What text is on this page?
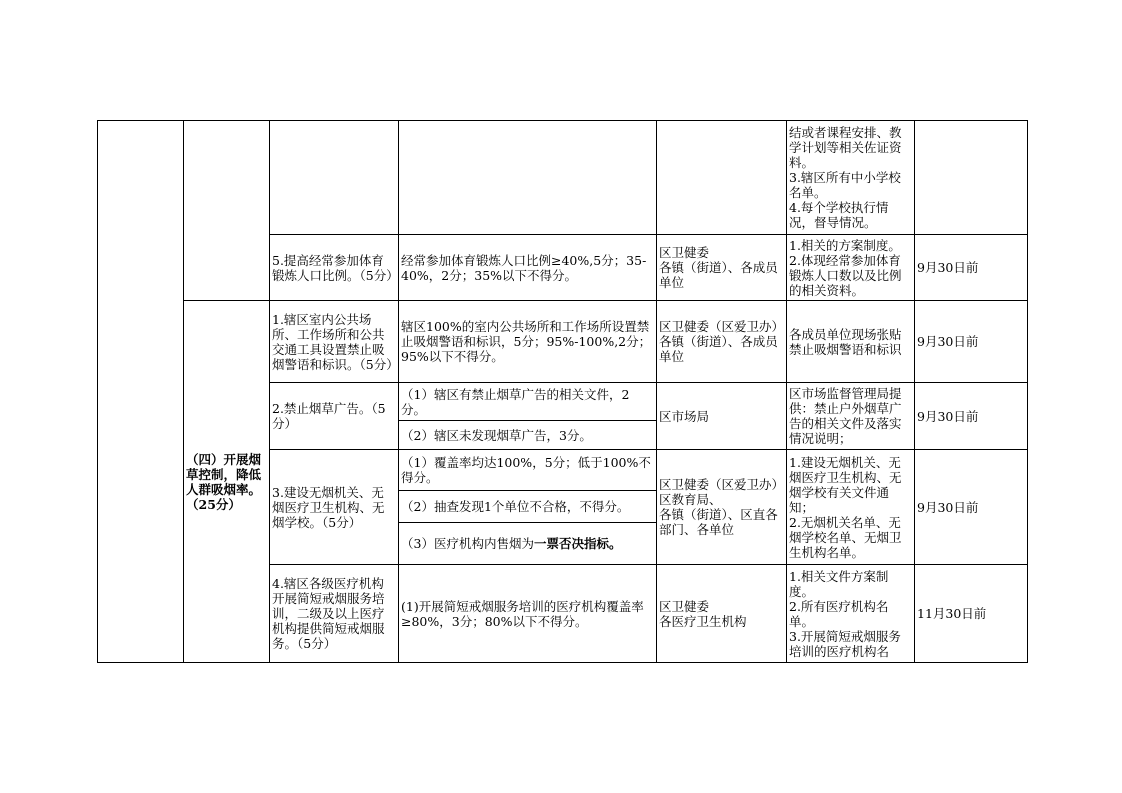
					结或者课程安排、教学计划等相关佐证资料。
3.辖区所有中小学校名单。
4.每个学校执行情况，督导情况。	

		5.提高经常参加体育锻炼人口比例。（5分）	经常参加体育锻炼人口比例≥40%,5分；35-40%，2分；35%以下不得分。	区卫健委
各镇（街道）、各成员单位	1.相关的方案制度。
2.体现经常参加体育锻炼人口数以及比例的相关资料。	9月30日前
	（四）开展烟草控制，降低人群吸烟率。（25分）	1.辖区室内公共场所、工作场所和公共交通工具设置禁止吸烟警语和标识。（5分）	辖区100%的室内公共场所和工作场所设置禁止吸烟警语和标识，5分；95%-100%,2分；95%以下不得分。	区卫健委（区爱卫办）
各镇（街道）、各成员单位	各成员单位现场张贴禁止吸烟警语和标识	9月30日前
		2.禁止烟草广告。（5分）	（1）辖区有禁止烟草广告的相关文件，2分。	区市场局	区市场监督管理局提供：禁止户外烟草广告的相关文件及落实情况说明；	9月30日前
			（2）辖区未发现烟草广告，3分。			
		3.建设无烟机关、无烟医疗卫生机构、无烟学校。（5分）	（1）覆盖率均达100%，5分；低于100%不得分。	区卫健委（区爱卫办）
区教育局、
各镇（街道）、区直各部门、各单位	1.建设无烟机关、无烟医疗卫生机构、无烟学校有关文件通知；
2.无烟机关名单、无烟学校名单、无烟卫生机构名单。	9月30日前
			（2）抽查发现1个单位不合格，不得分。			
			（3）医疗机构内售烟为一票否决指标。			
		4.辖区各级医疗机构开展简短戒烟服务培训，二级及以上医疗机构提供简短戒烟服务。（5分）	(1)开展简短戒烟服务培训的医疗机构覆盖率≥80%，3分；80%以下不得分。	区卫健委
各医疗卫生机构	1.相关文件方案制度。
2.所有医疗机构名单。
3.开展简短戒烟服务培训的医疗机构名	11月30日前
